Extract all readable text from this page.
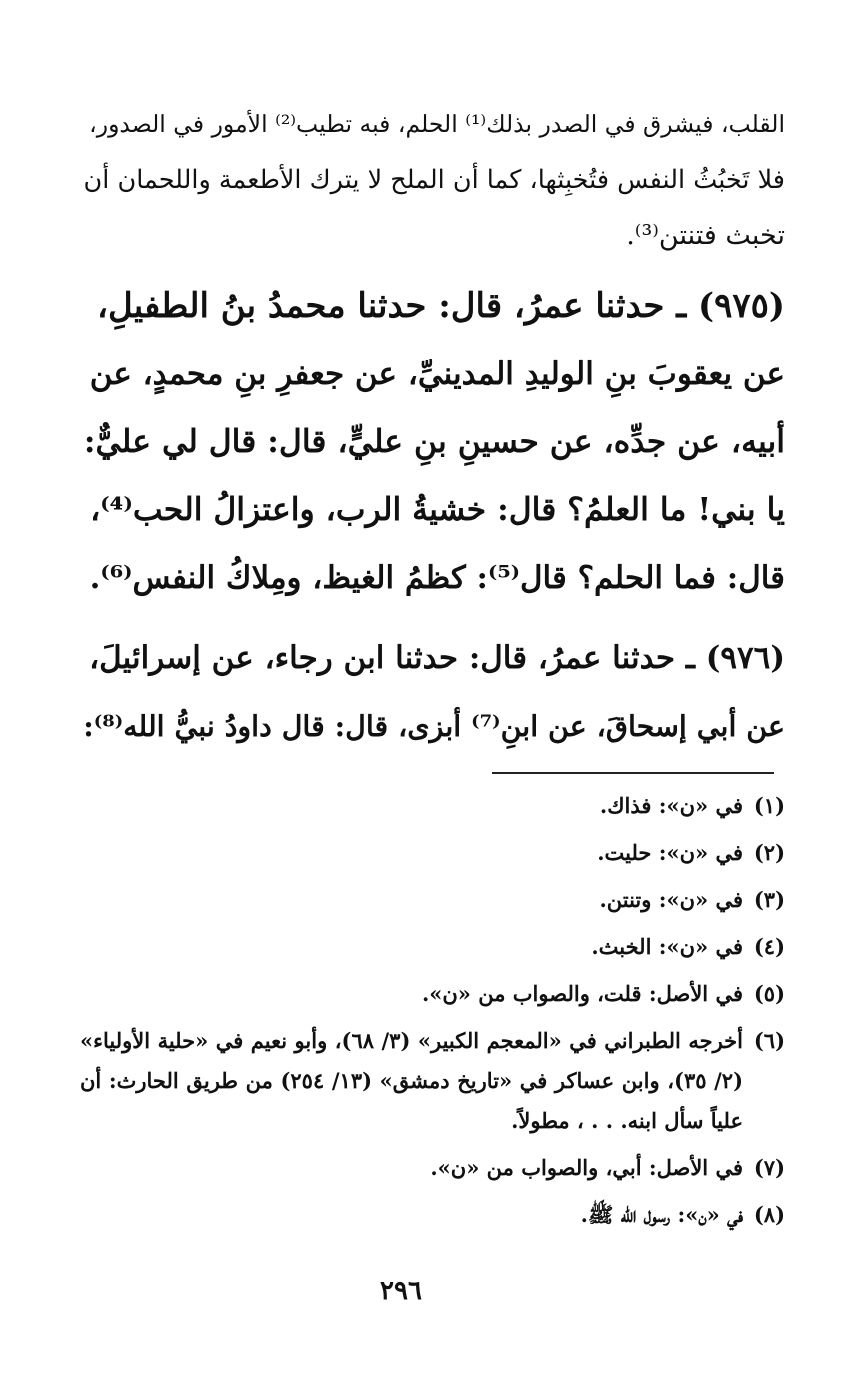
القلب، فيشرق في الصدر بذلك⁽¹⁾ الحلم، فبه تطيب⁽²⁾ الأمور في الصدور،
فلا تَخبُثُ النفس فتُخبِثها، كما أن الملح لا يترك الأطعمة واللحمان أن
تخبث فتنتن⁽³⁾.
(٩٧٥) ـ حدثنا عمرُ، قال: حدثنا محمدُ بنُ الطفيلِ،
عن يعقوبَ بنِ الوليدِ المدينيِّ، عن جعفرِ بنِ محمدٍ، عن
أبيه، عن جدِّه، عن حسينِ بنِ عليٍّ، قال: قال لي عليٌّ:
يا بني! ما العلمُ؟ قال: خشيةُ الرب، واعتزالُ الحب⁽⁴⁾،
قال: فما الحلم؟ قال⁽⁵⁾: كظمُ الغيظ، ومِلاكُ النفس⁽⁶⁾.
(٩٧٦) ـ حدثنا عمرُ، قال: حدثنا ابن رجاء، عن إسرائيلَ،
عن أبي إسحاقَ، عن ابنِ⁽⁷⁾ أبزى، قال: قال داودُ نبيُّ الله⁽⁸⁾:
(١)
في «ن»: فذاك.
(٢)
في «ن»: حليت.
(٣)
في «ن»: وتنتن.
(٤)
في «ن»: الخبث.
(٥)
في الأصل: قلت، والصواب من «ن».
(٦)
أخرجه الطبراني في «المعجم الكبير» (٣/ ٦٨)، وأبو نعيم في «حلية الأولياء» (٢/ ٣٥)، وابن عساكر في «تاريخ دمشق» (١٣/ ٢٥٤) من طريق الحارث: أن علياً سأل ابنه. . . ، مطولاً.
(٧)
في الأصل: أبي، والصواب من «ن».
(٨)
في «ن»: رسول الله ﷺ.
٢٩٦
